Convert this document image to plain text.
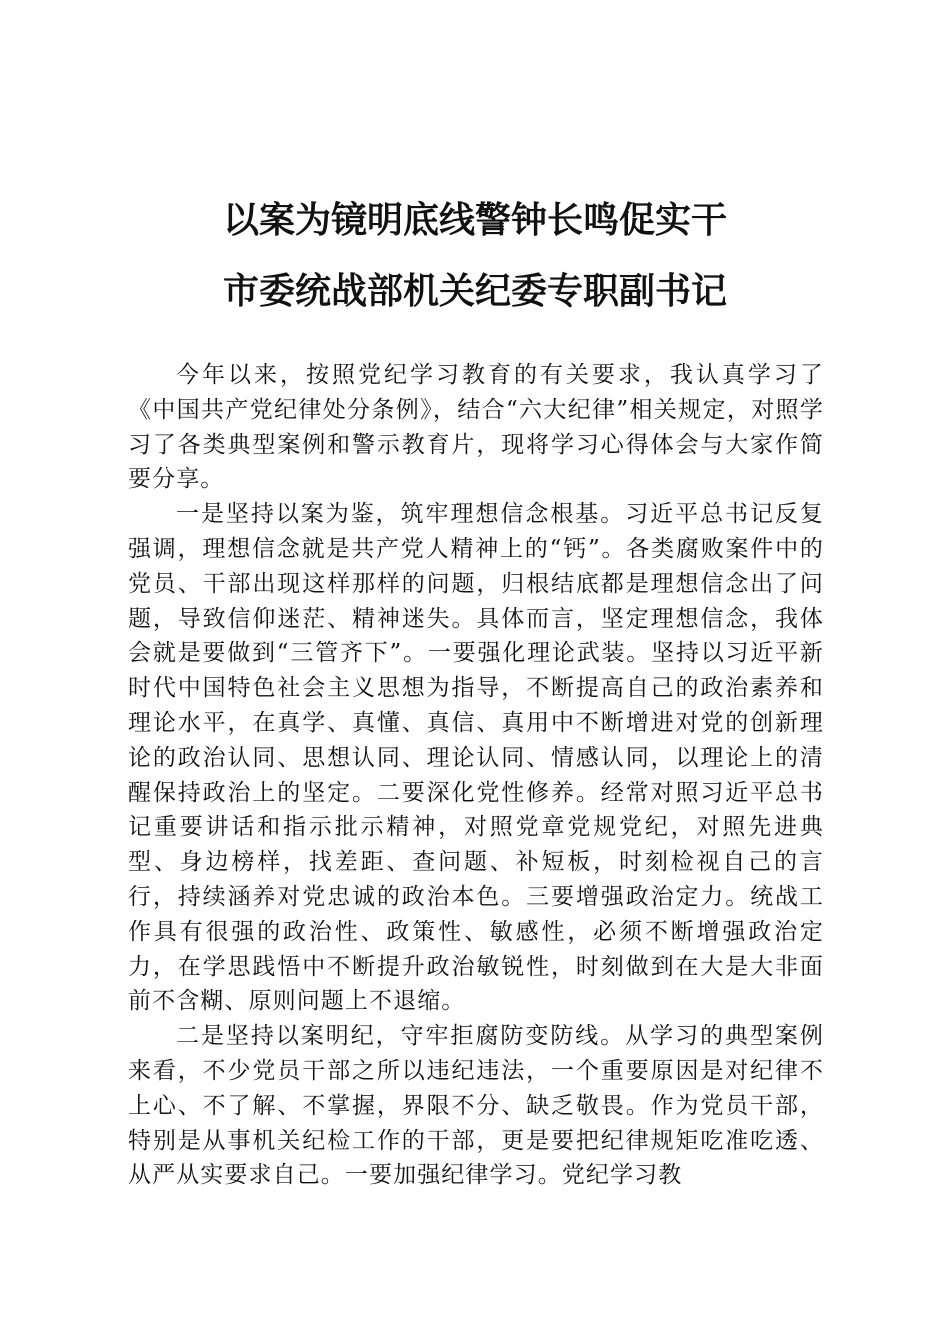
以案为镜明底线警钟长鸣促实干
市委统战部机关纪委专职副书记

今年以来，按照党纪学习教育的有关要求，我认真学习了《中国共产党纪律处分条例》，结合“六大纪律”相关规定，对照学习了各类典型案例和警示教育片，现将学习心得体会与大家作简要分享。

一是坚持以案为鉴，筑牢理想信念根基。习近平总书记反复强调，理想信念就是共产党人精神上的“钙”。各类腐败案件中的党员、干部出现这样那样的问题，归根结底都是理想信念出了问题，导致信仰迷茫、精神迷失。具体而言，坚定理想信念，我体会就是要做到“三管齐下”。一要强化理论武装。坚持以习近平新时代中国特色社会主义思想为指导，不断提高自己的政治素养和理论水平，在真学、真懂、真信、真用中不断增进对党的创新理论的政治认同、思想认同、理论认同、情感认同，以理论上的清醒保持政治上的坚定。二要深化党性修养。经常对照习近平总书记重要讲话和指示批示精神，对照党章党规党纪，对照先进典型、身边榜样，找差距、查问题、补短板，时刻检视自己的言行，持续涵养对党忠诚的政治本色。三要增强政治定力。统战工作具有很强的政治性、政策性、敏感性，必须不断增强政治定力，在学思践悟中不断提升政治敏锐性，时刻做到在大是大非面前不含糊、原则问题上不退缩。

二是坚持以案明纪，守牢拒腐防变防线。从学习的典型案例来看，不少党员干部之所以违纪违法，一个重要原因是对纪律不上心、不了解、不掌握，界限不分、缺乏敬畏。作为党员干部，特别是从事机关纪检工作的干部，更是要把纪律规矩吃准吃透、从严从实要求自己。一要加强纪律学习。党纪学习教
